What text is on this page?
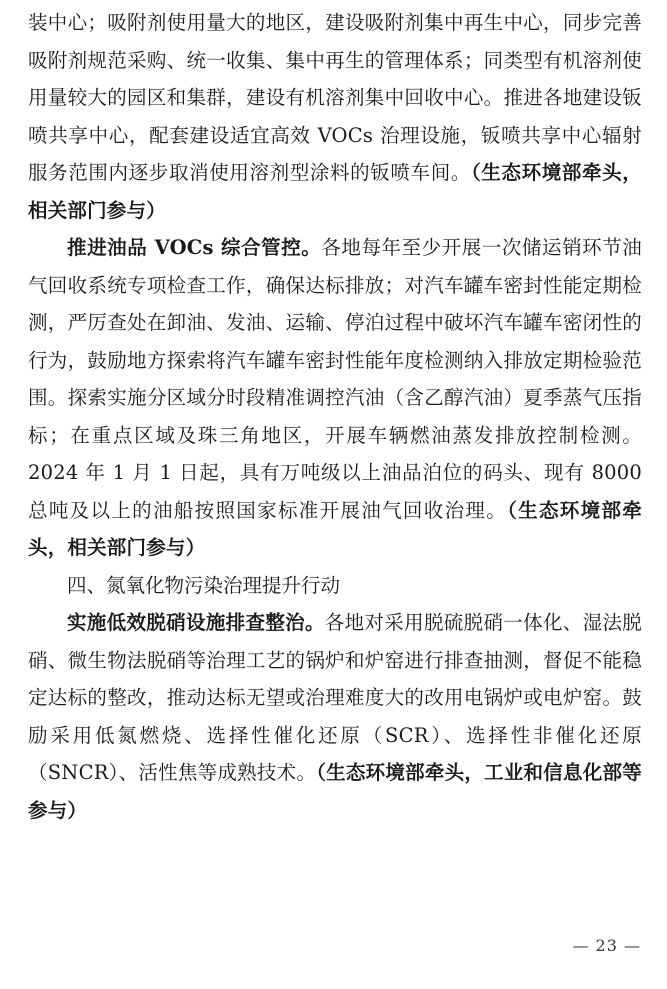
装中心；吸附剂使用量大的地区，建设吸附剂集中再生中心，同步完善吸附剂规范采购、统一收集、集中再生的管理体系；同类型有机溶剂使用量较大的园区和集群，建设有机溶剂集中回收中心。推进各地建设钣喷共享中心，配套建设适宜高效 VOCs 治理设施，钣喷共享中心辐射服务范围内逐步取消使用溶剂型涂料的钣喷车间。（生态环境部牵头，相关部门参与）

推进油品 VOCs 综合管控。各地每年至少开展一次储运销环节油气回收系统专项检查工作，确保达标排放；对汽车罐车密封性能定期检测，严厉查处在卸油、发油、运输、停泊过程中破坏汽车罐车密闭性的行为，鼓励地方探索将汽车罐车密封性能年度检测纳入排放定期检验范围。探索实施分区域分时段精准调控汽油（含乙醇汽油）夏季蒸气压指标；在重点区域及珠三角地区，开展车辆燃油蒸发排放控制检测。2024 年 1 月 1 日起，具有万吨级以上油品泊位的码头、现有 8000 总吨及以上的油船按照国家标准开展油气回收治理。（生态环境部牵头，相关部门参与）

四、氮氧化物污染治理提升行动

实施低效脱硝设施排查整治。各地对采用脱硫脱硝一体化、湿法脱硝、微生物法脱硝等治理工艺的锅炉和炉窑进行排查抽测，督促不能稳定达标的整改，推动达标无望或治理难度大的改用电锅炉或电炉窑。鼓励采用低氮燃烧、选择性催化还原（SCR）、选择性非催化还原（SNCR）、活性焦等成熟技术。（生态环境部牵头，工业和信息化部等参与）

— 23 —
